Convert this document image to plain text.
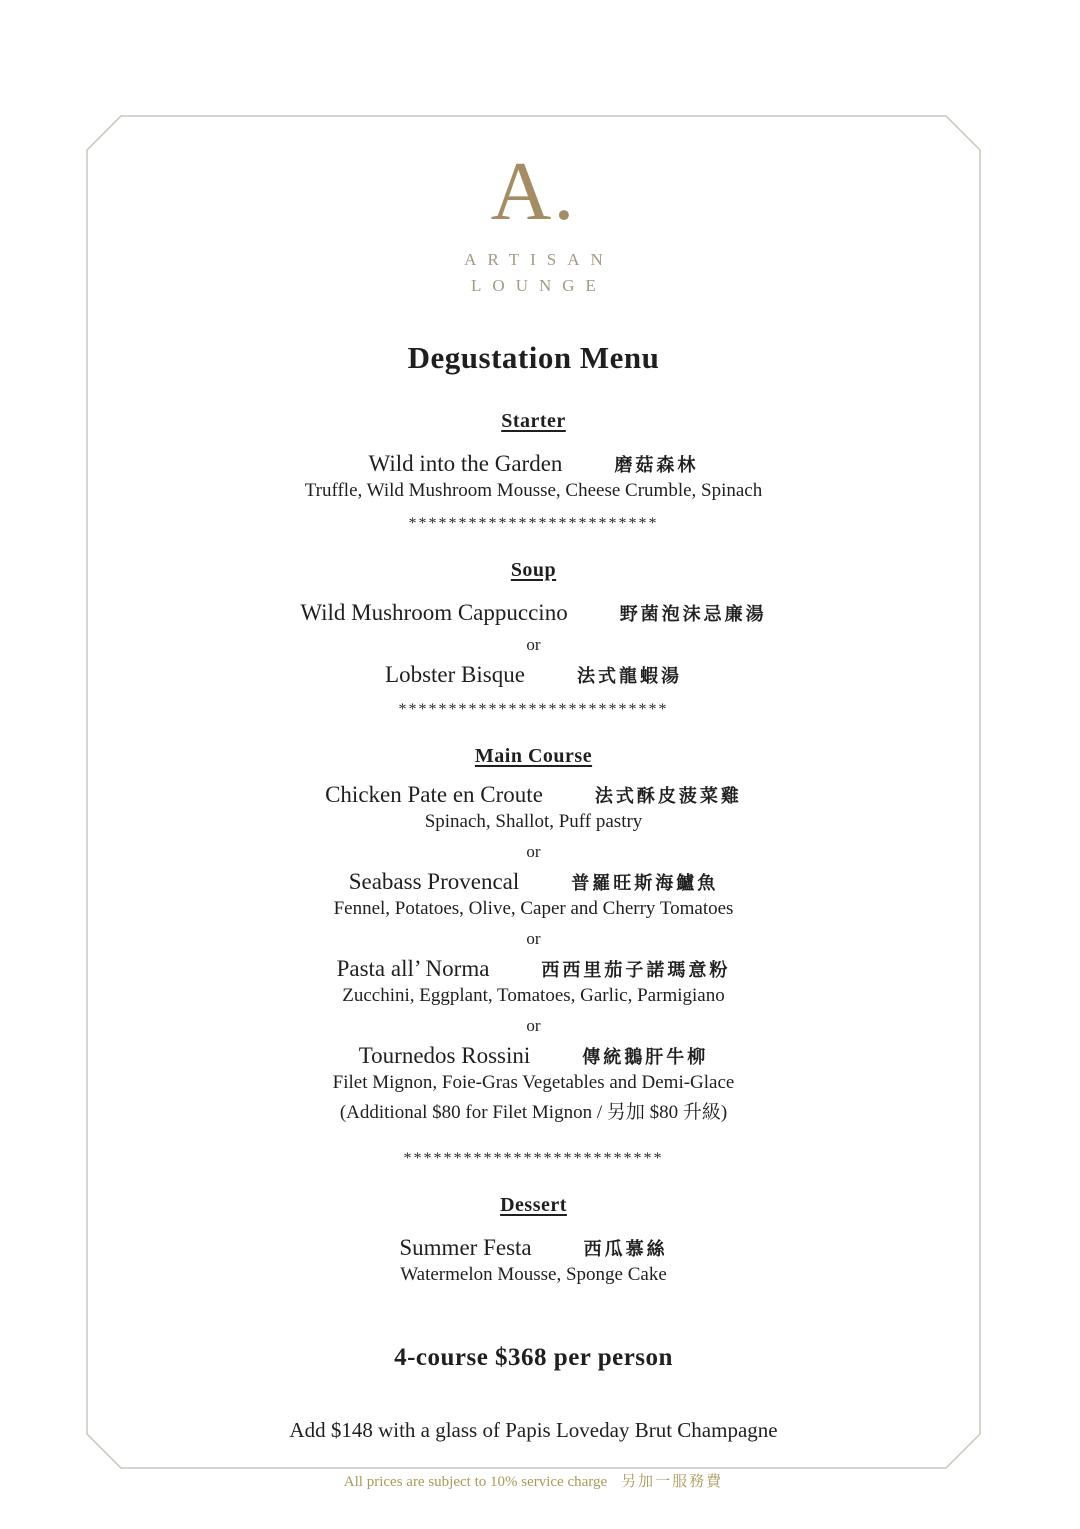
A.
ARTISAN
LOUNGE
Degustation Menu
Starter
Wild into the Garden	磨菇森林
Truffle, Wild Mushroom Mousse, Cheese Crumble, Spinach
*************************
Soup
Wild Mushroom Cappuccino	野菌泡沫忌廉湯
or
Lobster Bisque	法式龍蝦湯
***************************
Main Course
Chicken Pate en Croute	法式酥皮菠菜雞
Spinach, Shallot, Puff pastry
or
Seabass Provencal	普羅旺斯海鱸魚
Fennel, Potatoes, Olive, Caper and Cherry Tomatoes
or
Pasta all’ Norma	西西里茄子諾瑪意粉
Zucchini, Eggplant, Tomatoes, Garlic, Parmigiano
or
Tournedos Rossini	傳統鵝肝牛柳
Filet Mignon, Foie-Gras Vegetables and Demi-Glace
(Additional $80 for Filet Mignon / 另加 $80 升級)
**************************
Dessert
Summer Festa	西瓜慕絲
Watermelon Mousse, Sponge Cake
4-course $368 per person
Add $148 with a glass of Papis Loveday Brut Champagne
All prices are subject to 10% service charge 另加一服務費
